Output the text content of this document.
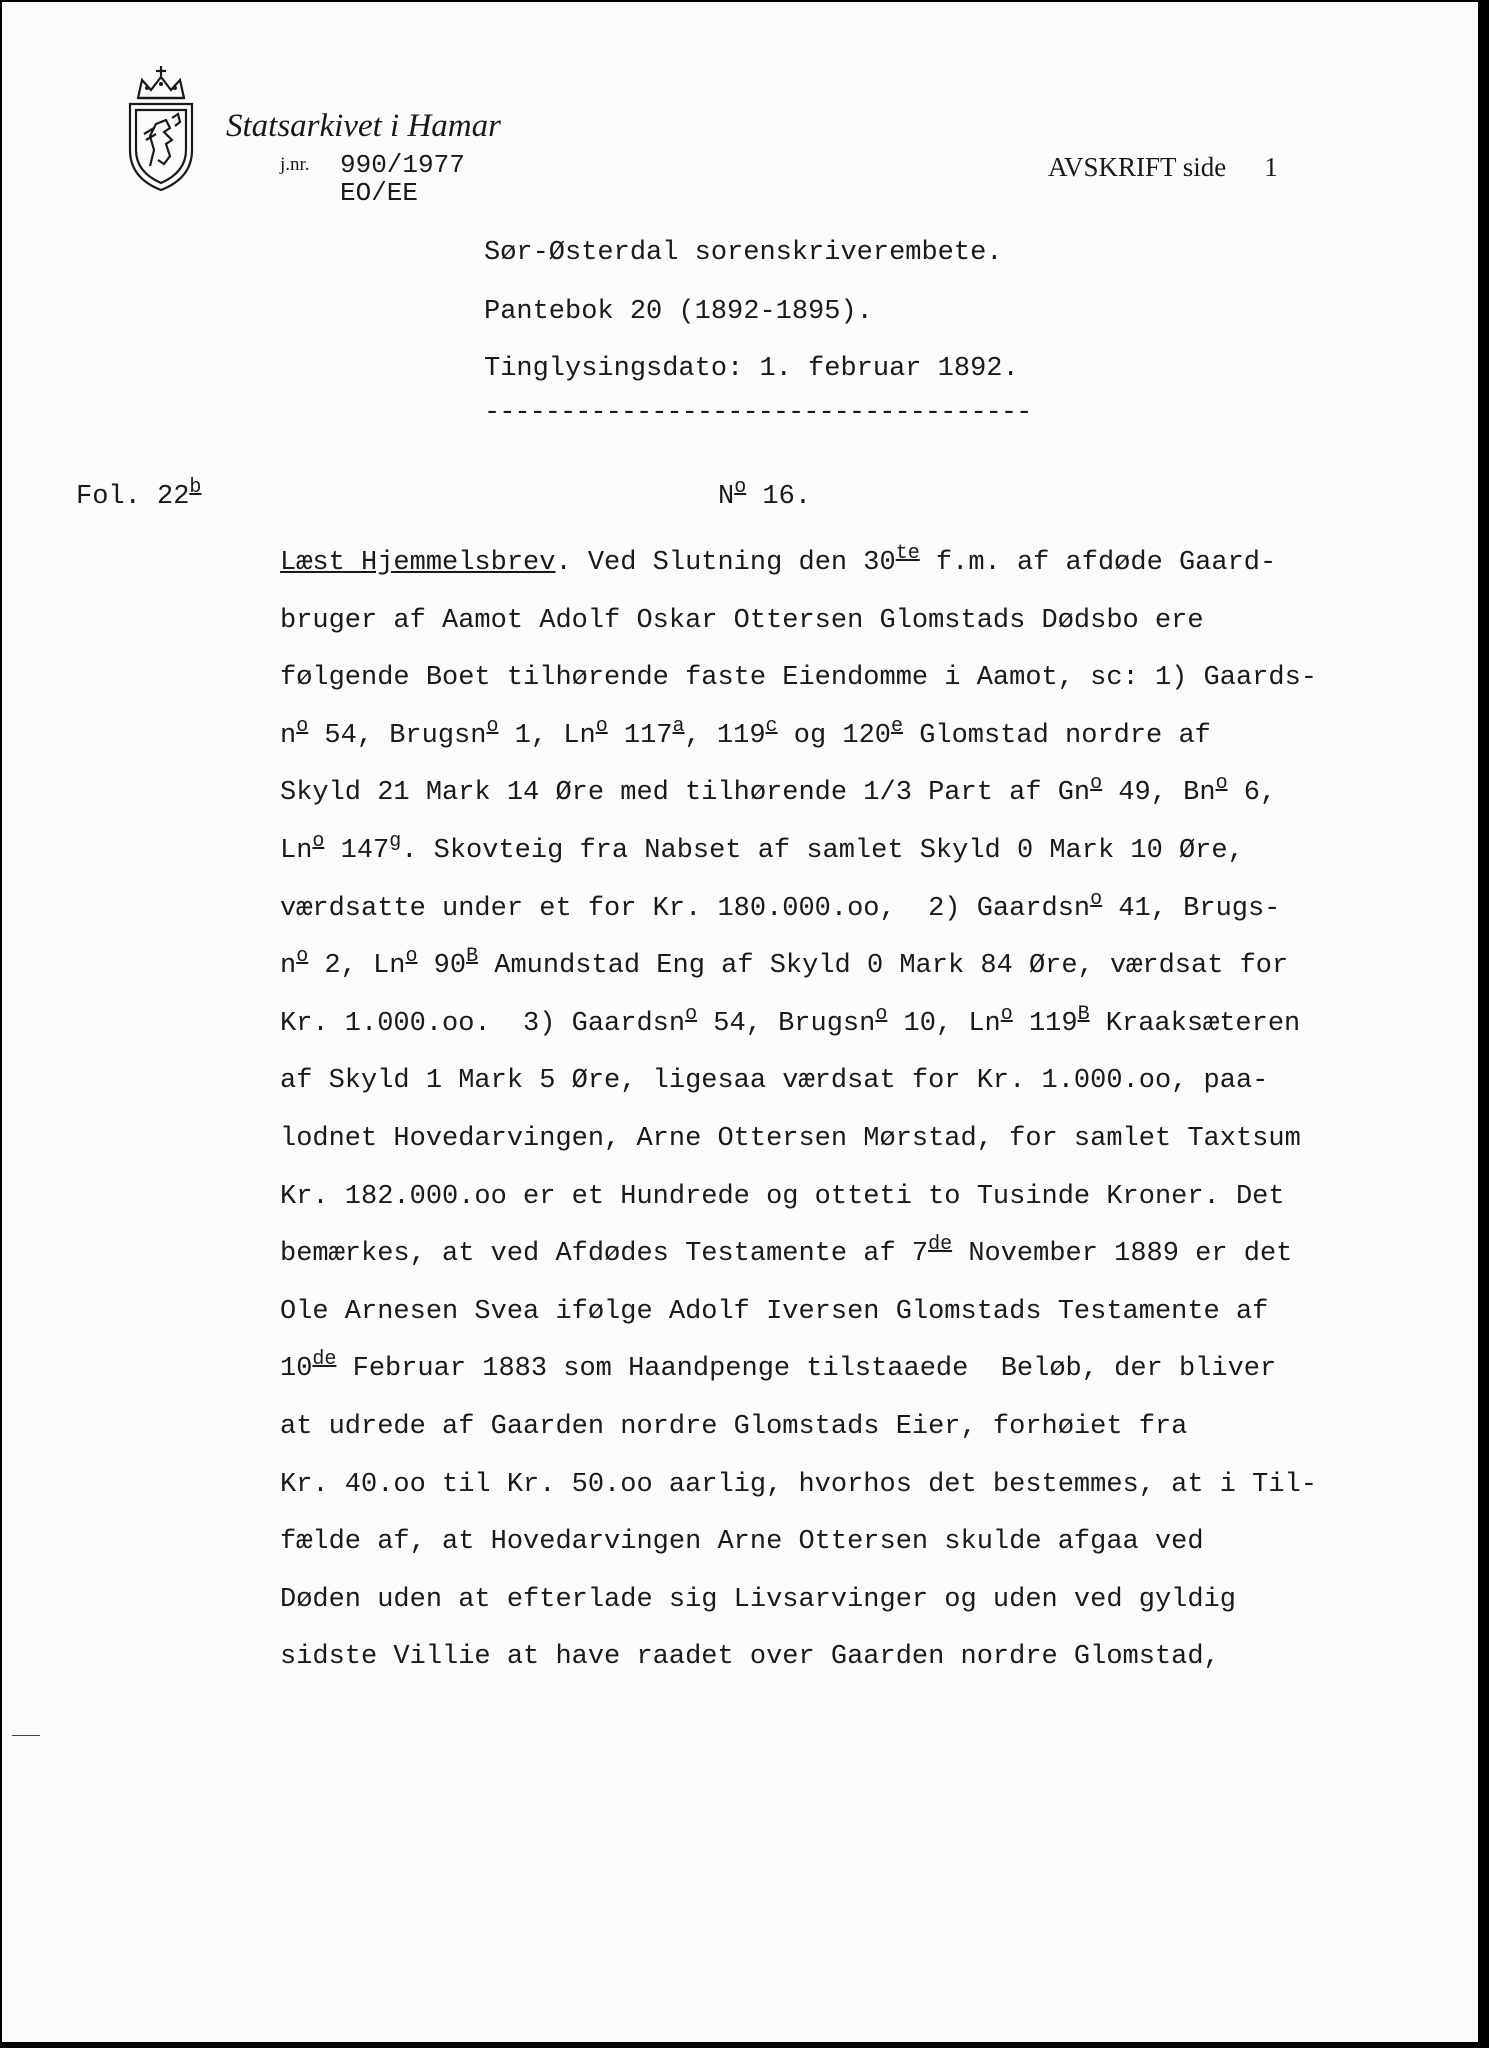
Statsarkivet i Hamar
j.nr. 990/1977
EO/EE
AVSKRIFT side 1
Sør-Østerdal sorenskriverembete.
Pantebok 20 (1892-1895).
Tinglysingsdato: 1. februar 1892.
------------------------------------
Fol. 22$^b$	$N^o$ 16.
Læst Hjemmelsbrev. Ved Slutning den $30^{te}$ f.m. af afdøde Gaard-
bruger af Aamot Adolf Oskar Ottersen Glomstads Dødsbo ere
følgende Boet tilhørende faste Eiendomme i Aamot, sc: 1) Gaards-
$n^o$ 54, Brugsn$^o$ 1, Ln$^o$ 117$^a$, 119$^c$ og 120e Glomstad nordre af
Skyld 21 Mark 14 Øre med tilhørende 1/3 Part af Gn$^o$ 49, Bn$^o$ 6,
Ln$^o$ 147$^g$. Skovteig fra Nabset af samlet Skyld 0 Mark 10 Øre,
værdsatte under et for Kr. 180.000.oo,  2) Gaardsn$^o$ 41, Brugs-
$n^o$ 2, Ln$^o$ $90^B$ Amundstad Eng af Skyld 0 Mark 84 Øre, værdsat for
Kr. 1.000.oo.  3) Gaardsn$^o$ 54, Brugsn$^o$ 10, Ln$^o$ $119^B$ Kraaksæteren
af Skyld 1 Mark 5 Øre, ligesaa værdsat for Kr. 1.000.oo, paa-
lodnet Hovedarvingen, Arne Ottersen Mørstad, for samlet Taxtsum
Kr. 182.000.oo er et Hundrede og otteti to Tusinde Kroner. Det
bemærkes, at ved Afdødes Testamente af 7de November 1889 er det
Ole Arnesen Svea ifølge Adolf Iversen Glomstads Testamente af
10de Februar 1883 som Haandpenge tilstaaede  Beløb, der bliver
at udrede af Gaarden nordre Glomstads Eier, forhøiet fra
Kr. 40.oo til Kr. 50.oo aarlig, hvorhos det bestemmes, at i Til-
fælde af, at Hovedarvingen Arne Ottersen skulde afgaa ved
Døden uden at efterlade sig Livsarvinger og uden ved gyldig
sidste Villie at have raadet over Gaarden nordre Glomstad,
